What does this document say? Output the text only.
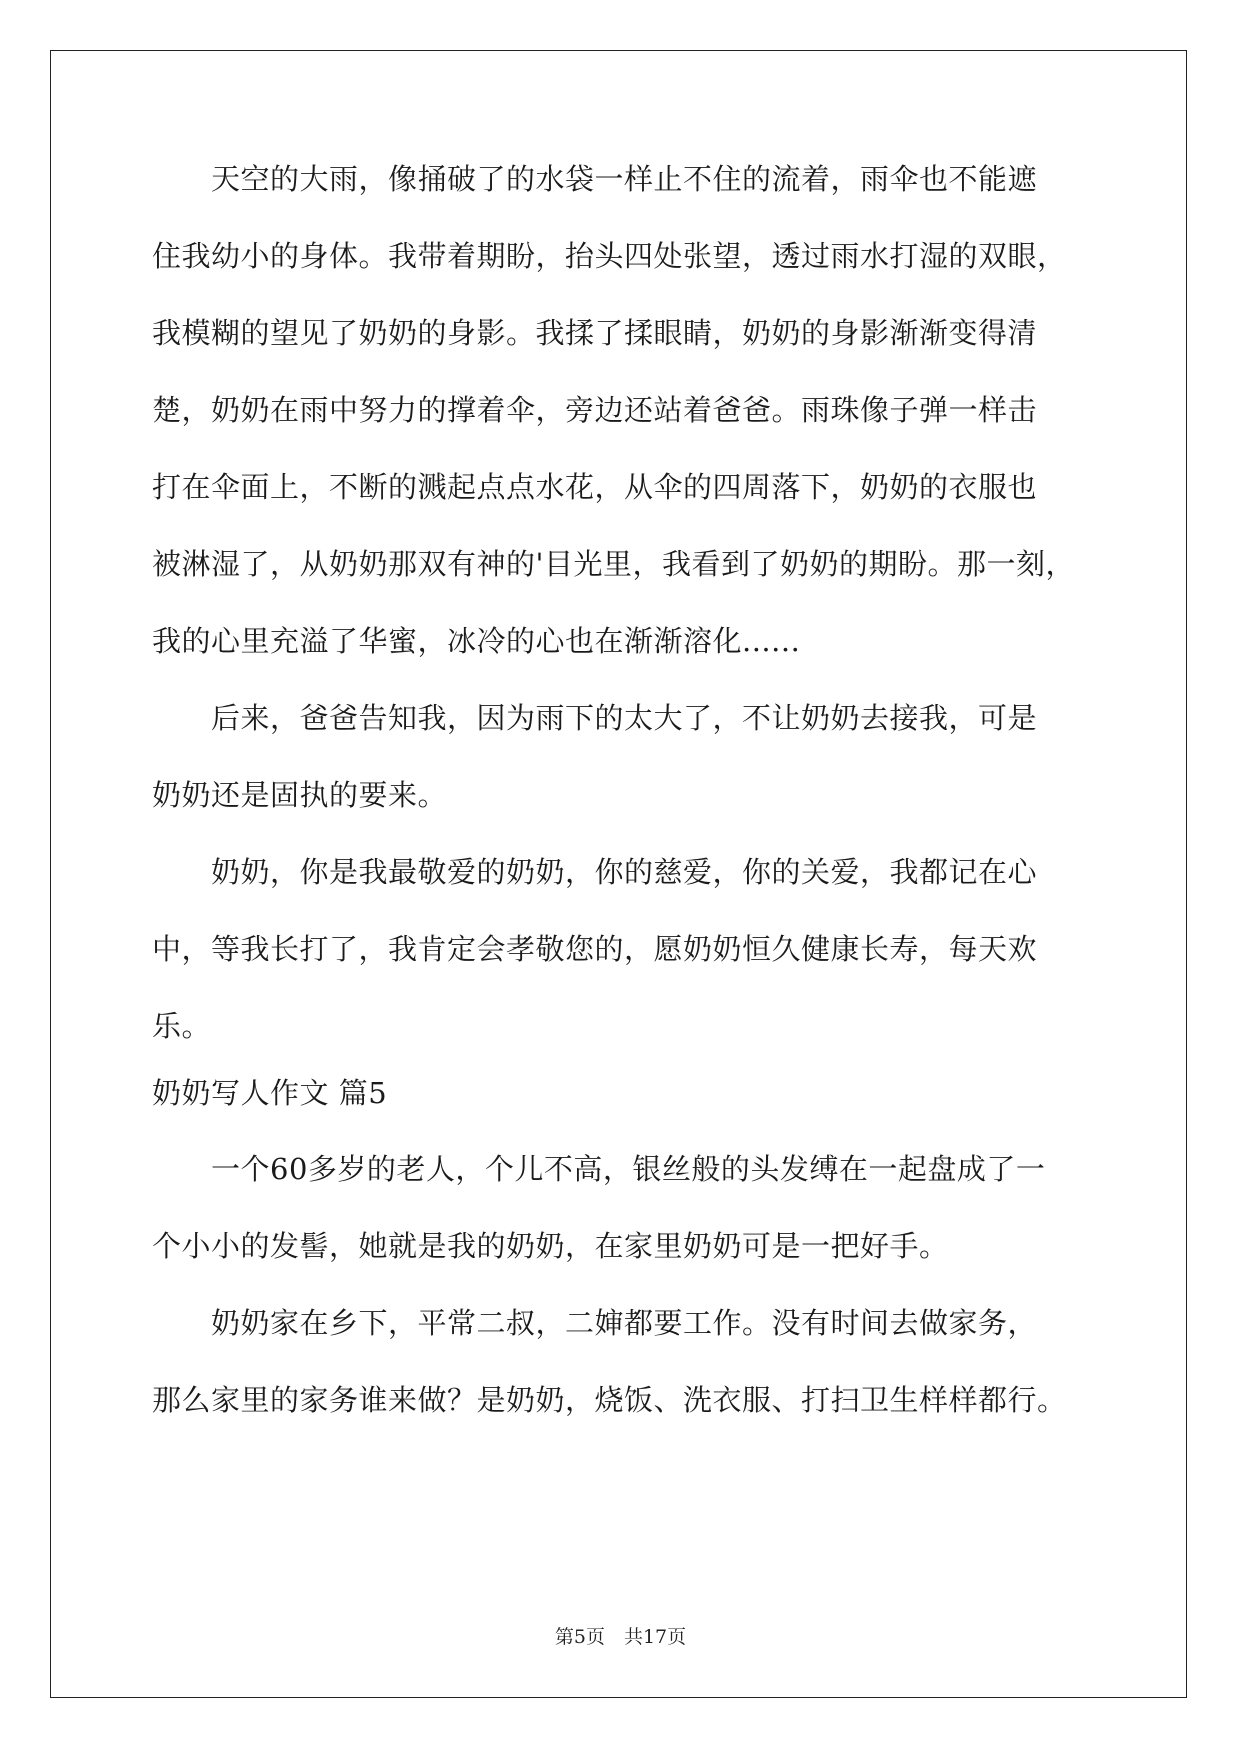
　　天空的大雨，像捅破了的水袋一样止不住的流着，雨伞也不能遮
住我幼小的身体。我带着期盼，抬头四处张望，透过雨水打湿的双眼，
我模糊的望见了奶奶的身影。我揉了揉眼睛，奶奶的身影渐渐变得清
楚，奶奶在雨中努力的撑着伞，旁边还站着爸爸。雨珠像子弹一样击
打在伞面上，不断的溅起点点水花，从伞的四周落下，奶奶的衣服也
被淋湿了，从奶奶那双有神的'目光里，我看到了奶奶的期盼。那一刻，
我的心里充溢了华蜜，冰冷的心也在渐渐溶化......
　　后来，爸爸告知我，因为雨下的太大了，不让奶奶去接我，可是
奶奶还是固执的要来。
　　奶奶，你是我最敬爱的奶奶，你的慈爱，你的关爱，我都记在心
中，等我长打了，我肯定会孝敬您的，愿奶奶恒久健康长寿，每天欢
乐。
奶奶写人作文 篇5
　　一个60多岁的老人，个儿不高，银丝般的头发缚在一起盘成了一
个小小的发髻，她就是我的奶奶，在家里奶奶可是一把好手。
　　奶奶家在乡下，平常二叔，二婶都要工作。没有时间去做家务，
那么家里的家务谁来做？是奶奶，烧饭、洗衣服、打扫卫生样样都行。
第5页　共17页
